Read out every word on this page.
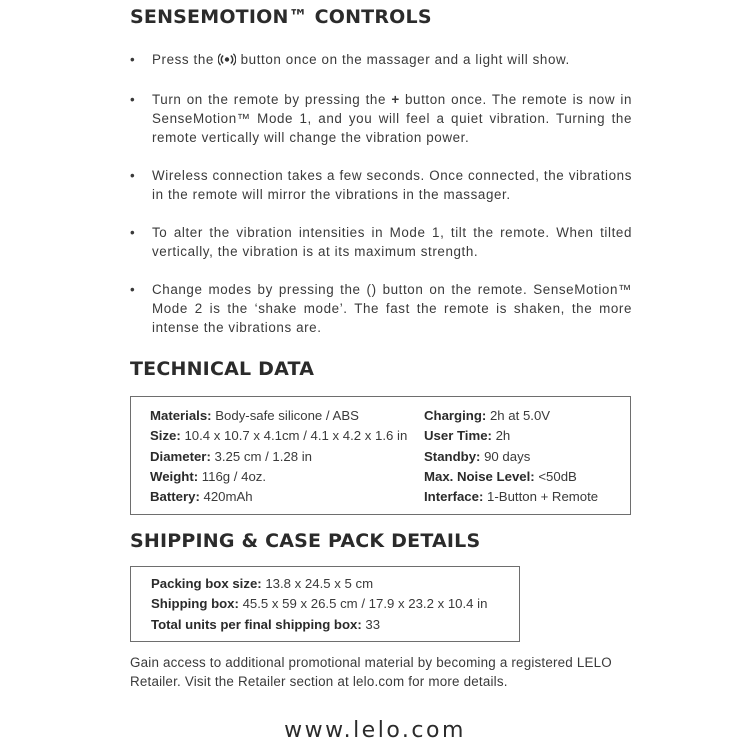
SENSEMOTION™ CONTROLS
• Press the  button once on the massager and a light will show.
• Turn on the remote by pressing the + button once. The remote is now in SenseMotion™ Mode 1, and you will feel a quiet vibration. Turning the remote vertically will change the vibration power.
• Wireless connection takes a few seconds. Once connected, the vibrations in the remote will mirror the vibrations in the massager.
• To alter the vibration intensities in Mode 1, tilt the remote. When tilted vertically, the vibration is at its maximum strength.
• Change modes by pressing the () button on the remote. SenseMotion™ Mode 2 is the ‘shake mode’. The fast the remote is shaken, the more intense the vibrations are.
TECHNICAL DATA
Materials: Body-safe silicone / ABS
Size: 10.4 x 10.7 x 4.1cm / 4.1 x 4.2 x 1.6 in
Diameter: 3.25 cm / 1.28 in
Weight: 116g / 4oz.
Battery: 420mAh
Charging: 2h at 5.0V
User Time: 2h
Standby: 90 days
Max. Noise Level: <50dB
Interface: 1-Button + Remote
SHIPPING & CASE PACK DETAILS
Packing box size: 13.8 x 24.5 x 5 cm
Shipping box: 45.5 x 59 x 26.5 cm / 17.9 x 23.2 x 10.4 in
Total units per final shipping box: 33

Gain access to additional promotional material by becoming a registered LELO Retailer. Visit the Retailer section at lelo.com for more details.

www.lelo.com
